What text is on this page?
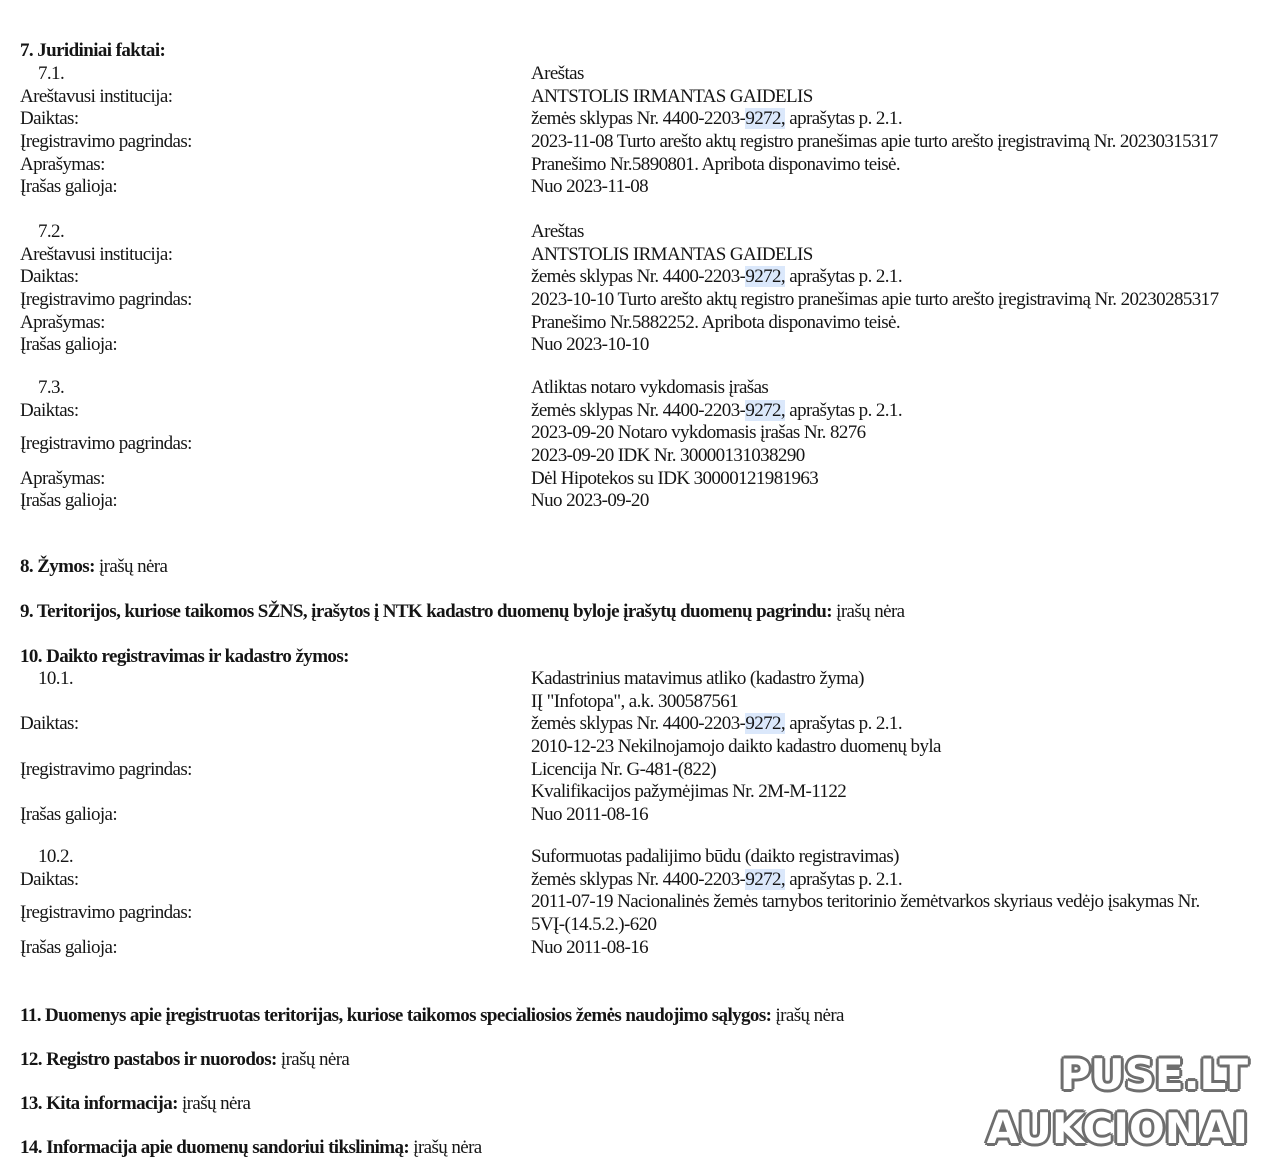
7. Juridiniai faktai:
7.1.	Areštas
Areštavusi institucija:	ANTSTOLIS IRMANTAS GAIDELIS
Daiktas:	žemės sklypas Nr. 4400-2203-9272, aprašytas p. 2.1.
Įregistravimo pagrindas:	2023-11-08 Turto arešto aktų registro pranešimas apie turto arešto įregistravimą Nr. 20230315317
Aprašymas:	Pranešimo Nr.5890801. Apribota disponavimo teisė.
Įrašas galioja:	Nuo 2023-11-08
7.2.	Areštas
Areštavusi institucija:	ANTSTOLIS IRMANTAS GAIDELIS
Daiktas:	žemės sklypas Nr. 4400-2203-9272, aprašytas p. 2.1.
Įregistravimo pagrindas:	2023-10-10 Turto arešto aktų registro pranešimas apie turto arešto įregistravimą Nr. 20230285317
Aprašymas:	Pranešimo Nr.5882252. Apribota disponavimo teisė.
Įrašas galioja:	Nuo 2023-10-10
7.3.	Atliktas notaro vykdomasis įrašas
Daiktas:	žemės sklypas Nr. 4400-2203-9272, aprašytas p. 2.1.
Įregistravimo pagrindas:
2023-09-20 Notaro vykdomasis įrašas Nr. 8276
2023-09-20 IDK Nr. 30000131038290
Aprašymas:	Dėl Hipotekos su IDK 30000121981963
Įrašas galioja:	Nuo 2023-09-20
8. Žymos: įrašų nėra
9. Teritorijos, kuriose taikomos SŽNS, įrašytos į NTK kadastro duomenų byloje įrašytų duomenų pagrindu: įrašų nėra
10. Daikto registravimas ir kadastro žymos:
10.1.	Kadastrinius matavimus atliko (kadastro žyma)
IĮ "Infotopa", a.k. 300587561
Daiktas:	žemės sklypas Nr. 4400-2203-9272, aprašytas p. 2.1.
Įregistravimo pagrindas:
2010-12-23 Nekilnojamojo daikto kadastro duomenų byla
Licencija Nr. G-481-(822)
Kvalifikacijos pažymėjimas Nr. 2M-M-1122
Įrašas galioja:	Nuo 2011-08-16
10.2.	Suformuotas padalijimo būdu (daikto registravimas)
Daiktas:	žemės sklypas Nr. 4400-2203-9272, aprašytas p. 2.1.
Įregistravimo pagrindas:
2011-07-19 Nacionalinės žemės tarnybos teritorinio žemėtvarkos skyriaus vedėjo įsakymas Nr.
5VĮ-(14.5.2.)-620
Įrašas galioja:	Nuo 2011-08-16
11. Duomenys apie įregistruotas teritorijas, kuriose taikomos specialiosios žemės naudojimo sąlygos: įrašų nėra
12. Registro pastabos ir nuorodos: įrašų nėra
13. Kita informacija: įrašų nėra
14. Informacija apie duomenų sandoriui tikslinimą: įrašų nėra
PUSE.LT
AUKCIONAI
